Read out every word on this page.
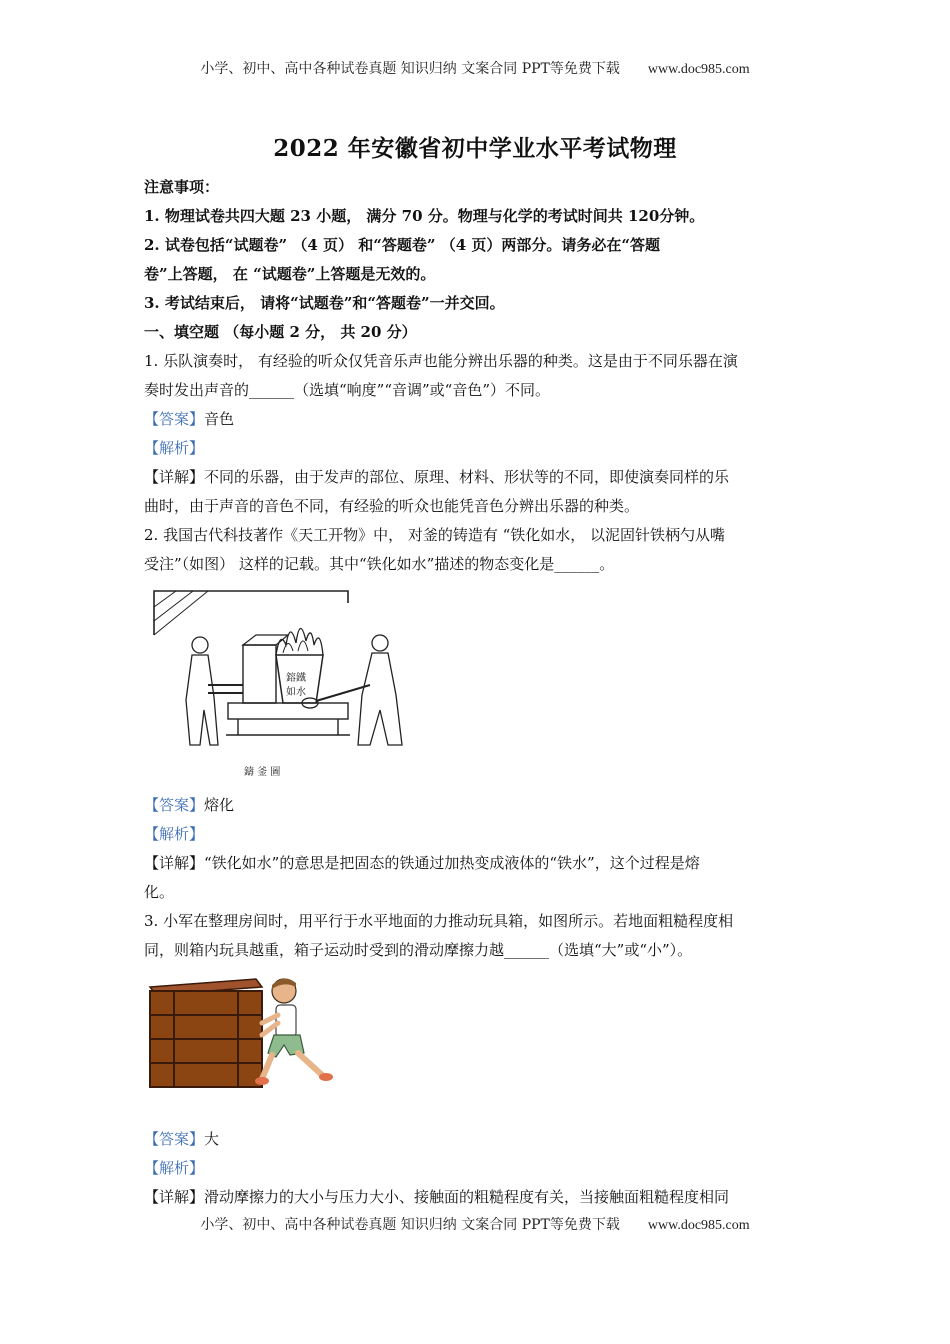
小学、初中、高中各种试卷真题 知识归纳 文案合同 PPT等免费下载 www.doc985.com
2022 年安徽省初中学业水平考试物理

注意事项：

1. 物理试卷共四大题 23 小题， 满分 70 分。物理与化学的考试时间共 120分钟。

2. 试卷包括“试题卷” （4 页） 和“答题卷” （4 页）两部分。请务必在“答题

卷”上答题， 在 “试题卷”上答题是无效的。

3. 考试结束后， 请将“试题卷”和“答题卷”一并交回。

一、填空题 （每小题 2 分， 共 20 分）

1. 乐队演奏时， 有经验的听众仅凭音乐声也能分辨出乐器的种类。这是由于不同乐器在演

奏时发出声音的______（选填“响度”“音调”或“音色”）不同。

【答案】音色

【解析】

【详解】不同的乐器，由于发声的部位、原理、材料、形状等的不同，即使演奏同样的乐

曲时，由于声音的音色不同，有经验的听众也能凭音色分辨出乐器的种类。

2. 我国古代科技著作《天工开物》中， 对釜的铸造有 “铁化如水， 以泥固针铁柄勺从嘴

受注”（如图） 这样的记载。其中“铁化如水”描述的物态变化是______。

鎔鐵
如水
鑄 釜 圖

【答案】熔化

【解析】

【详解】“铁化如水”的意思是把固态的铁通过加热变成液体的“铁水”，这个过程是熔

化。

3. 小军在整理房间时，用平行于水平地面的力推动玩具箱，如图所示。若地面粗糙程度相

同，则箱内玩具越重，箱子运动时受到的滑动摩擦力越______（选填“大”或“小”）。

【答案】大

【解析】

【详解】滑动摩擦力的大小与压力大小、接触面的粗糙程度有关，当接触面粗糙程度相同

小学、初中、高中各种试卷真题 知识归纳 文案合同 PPT等免费下载 www.doc985.com
